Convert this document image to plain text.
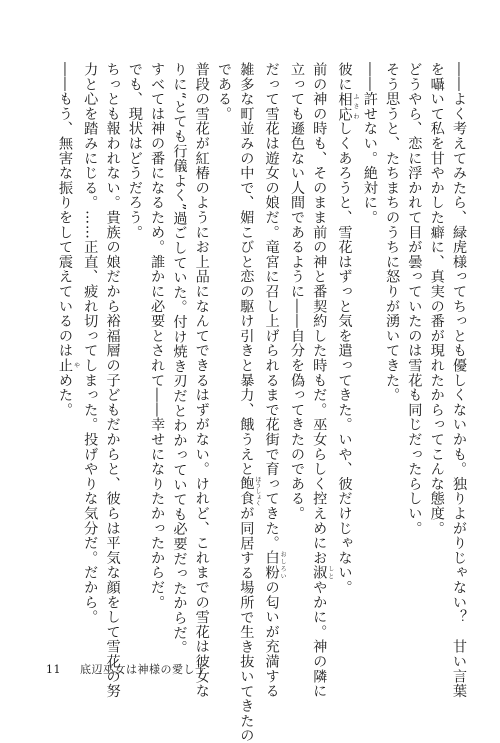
――よく考えてみたら、緑虎様ってちっとも優しくないかも。独りよがりじゃない？　甘い言葉

を囁いて私を甘やかした癖に、真実の番が現れたからってこんな態度。

どうやら、恋に浮かれて目が曇っていたのは雪花も同じだったらしい。

そう思うと、たちまちのうちに怒りが湧いてきた。

――許せない。絶対に。

彼に相応 ふさわしくあろうと、雪花はずっと気を遣ってきた。いや、彼だけじゃない。

前の神の時も、そのまま前の神と番契約した時もだ。巫女らしく控えめにお淑 しとやかに。神の隣に

立っても遜色ない人間であるように――自分を偽ってきたのである。

だって雪花は遊女の娘だ。竜宮に召し上げられるまで花街で育ってきた。白粉 おしろいの匂いが充満する

雑多な町並みの中で、媚こびと恋の駆け引きと暴力、餓うえと飽食 ほうしょくが同居する場所で生き抜いてきたの

である。

普段の雪花が紅椿のようにお上品になんてできるはずがない。けれど、これまでの雪花は彼女な

りに“とても行儀よく”過ごしていた。付け焼き刃だとわかっていても必要だったからだ。

すべては神の番になるため。誰かに必要とされて――幸せになりたかったからだ。

でも、現状はどうだろう。

ちっとも報われない。貴族の娘だから裕福層の子どもだからと、彼らは平気な顔をして雪花の努

力と心を踏みにじる。……正直、疲れ切ってしまった。投げやりな気分だ。だから。

――もう、無害な振りをして震えているのは止 やめた。

11 底辺巫女は神様の愛し子
